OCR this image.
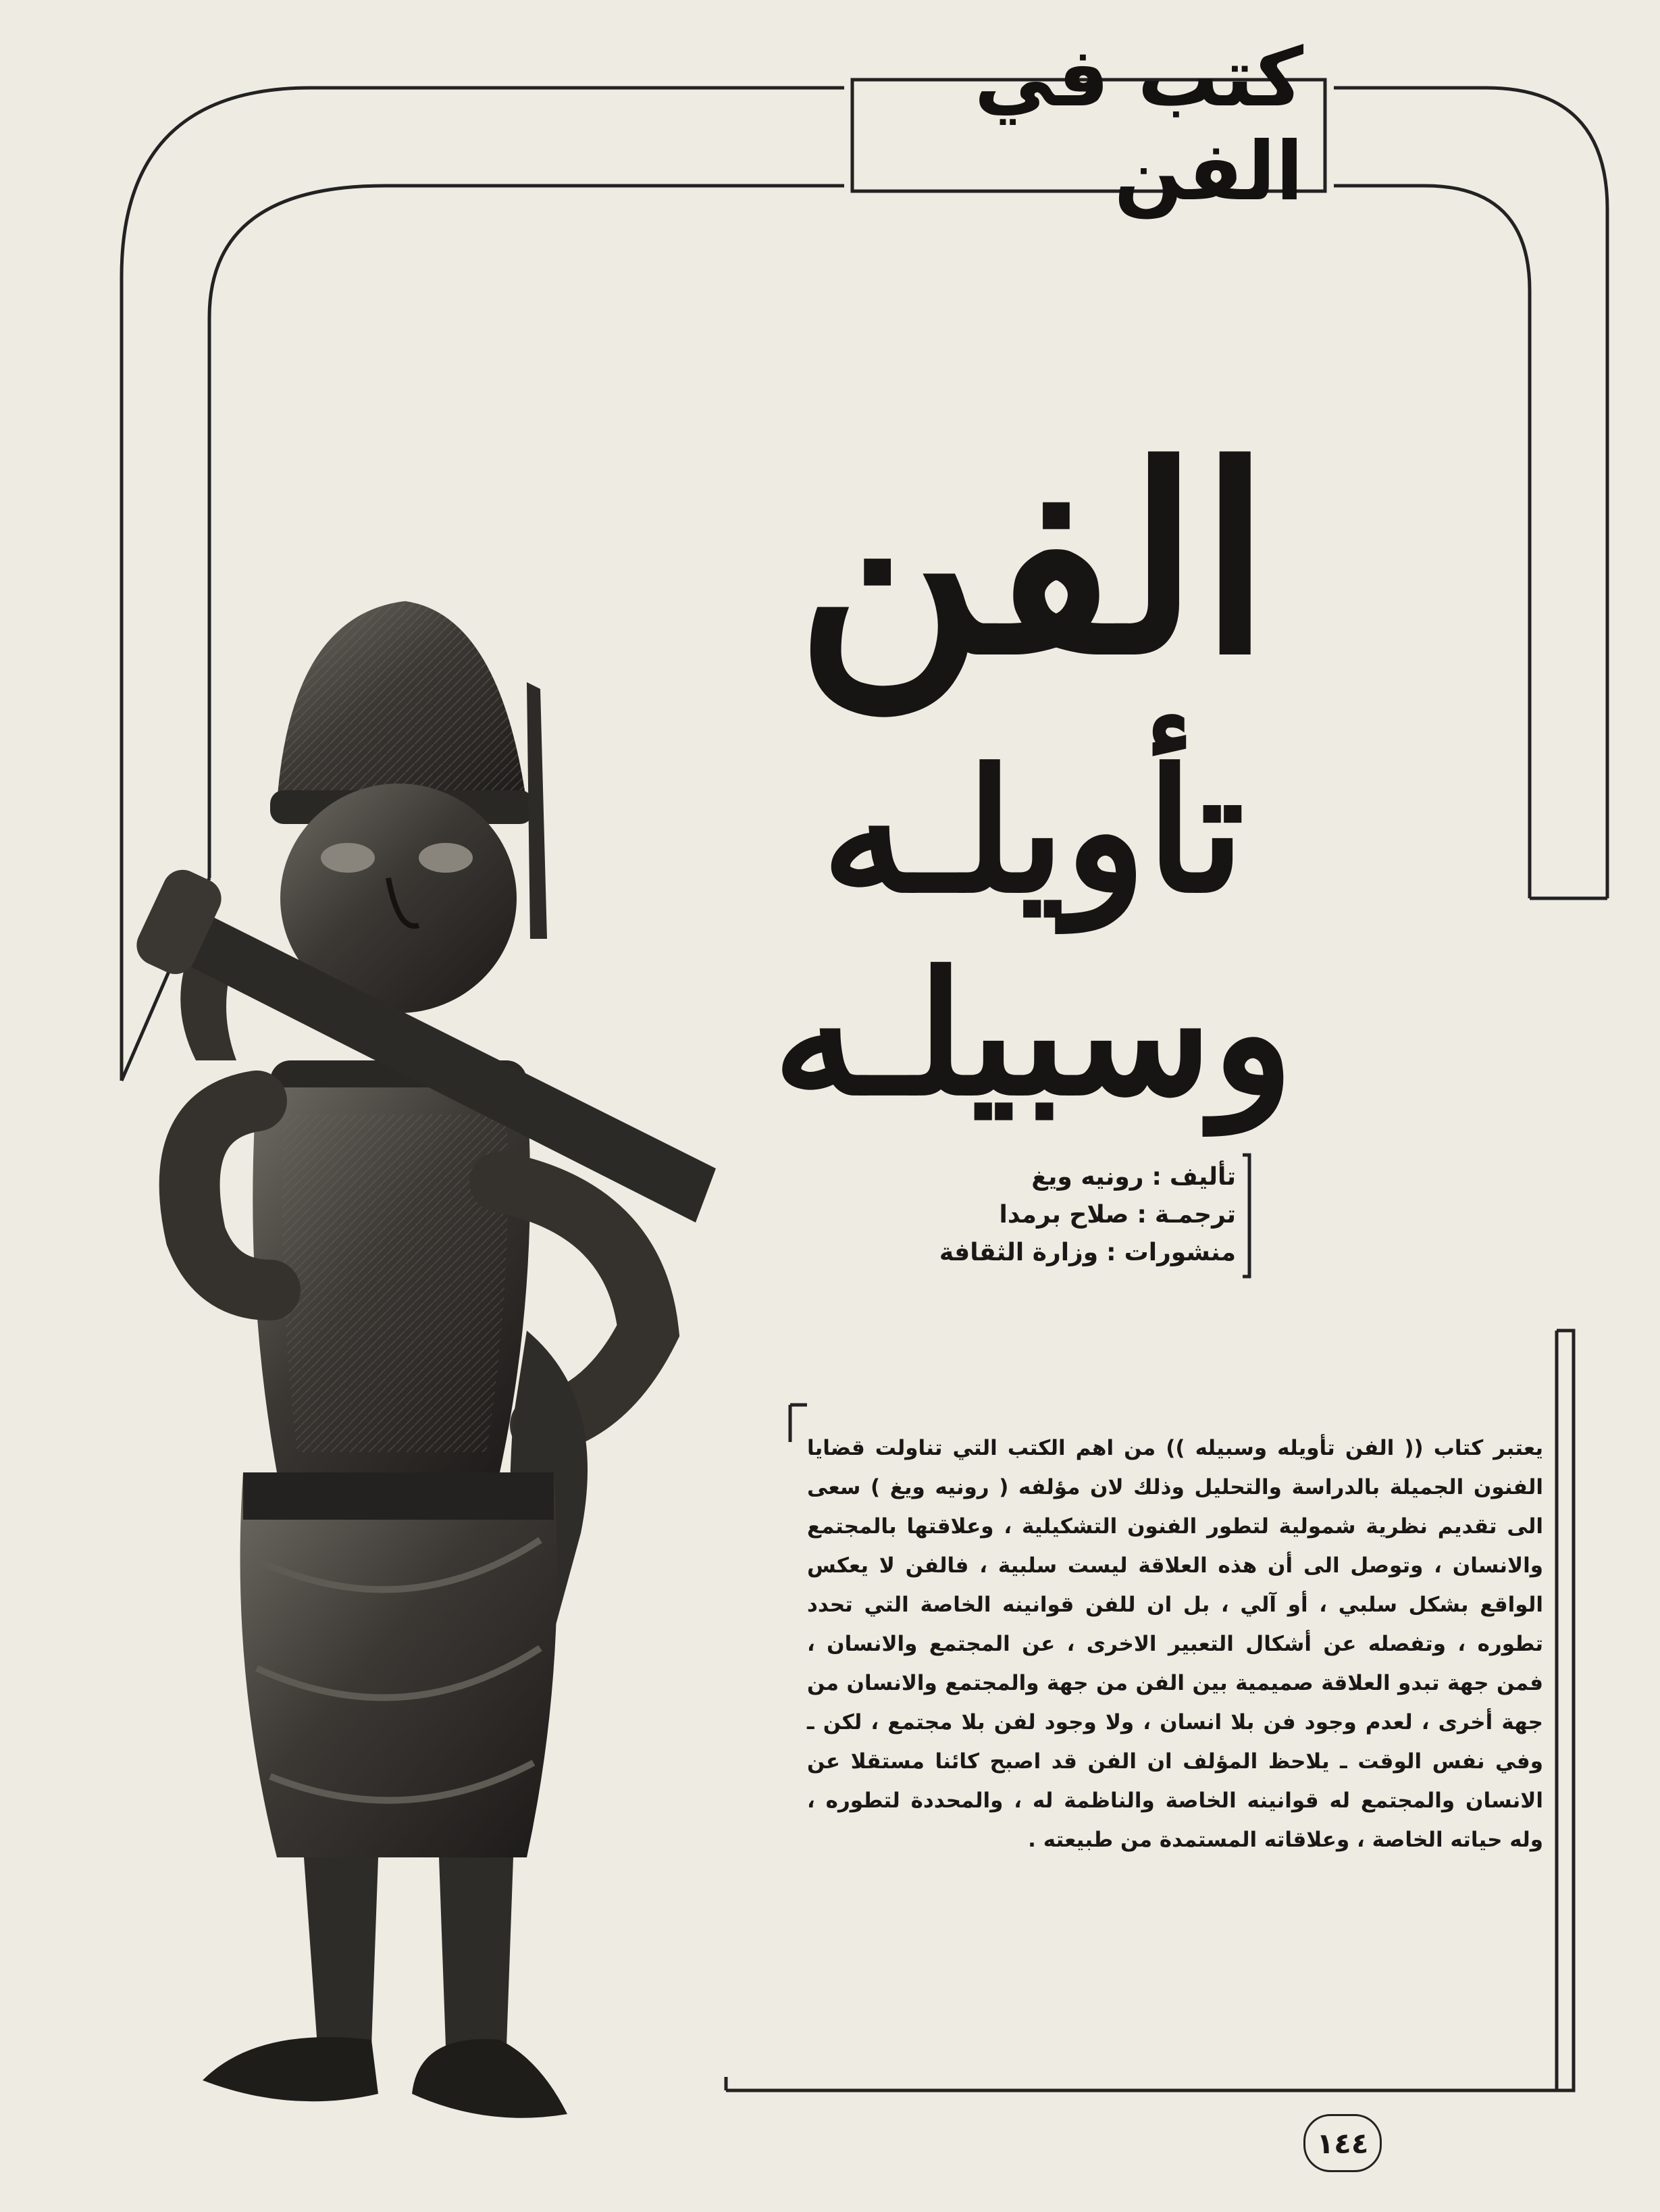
كتب في الفن
الفن
تأويلـه
وسبيلـه
تأليف:رونيه ويغ
ترجمـة:صلاح برمدا
منشورات:وزارة الثقافة
يعتبر كتاب (( الفن تأويله وسبيله )) من اهم الكتب التي تناولت قضايا الفنون الجميلة بالدراسة والتحليل وذلك لان مؤلفه ( رونيه ويغ ) سعى الى تقديم نظرية شمولية لتطور الفنون التشكيلية ، وعلاقتها بالمجتمع والانسان ، وتوصل الى أن هذه العلاقة ليست سلبية ، فالفن لا يعكس الواقع بشكل سلبي ، أو آلي ، بل ان للفن قوانينه الخاصة التي تحدد تطوره ، وتفصله عن أشكال التعبير الاخرى ، عن المجتمع والانسان ، فمن جهة تبدو العلاقة صميمية بين الفن من جهة والمجتمع والانسان من جهة أخرى ، لعدم وجود فن بلا انسان ، ولا وجود لفن بلا مجتمع ، لكن ـ وفي نفس الوقت ـ يلاحظ المؤلف ان الفن قد اصبح كائنا مستقلا عن الانسان والمجتمع له قوانينه الخاصة والناظمة له ، والمحددة لتطوره ، وله حياته الخاصة ، وعلاقاته المستمدة من طبيعته .
١٤٤
